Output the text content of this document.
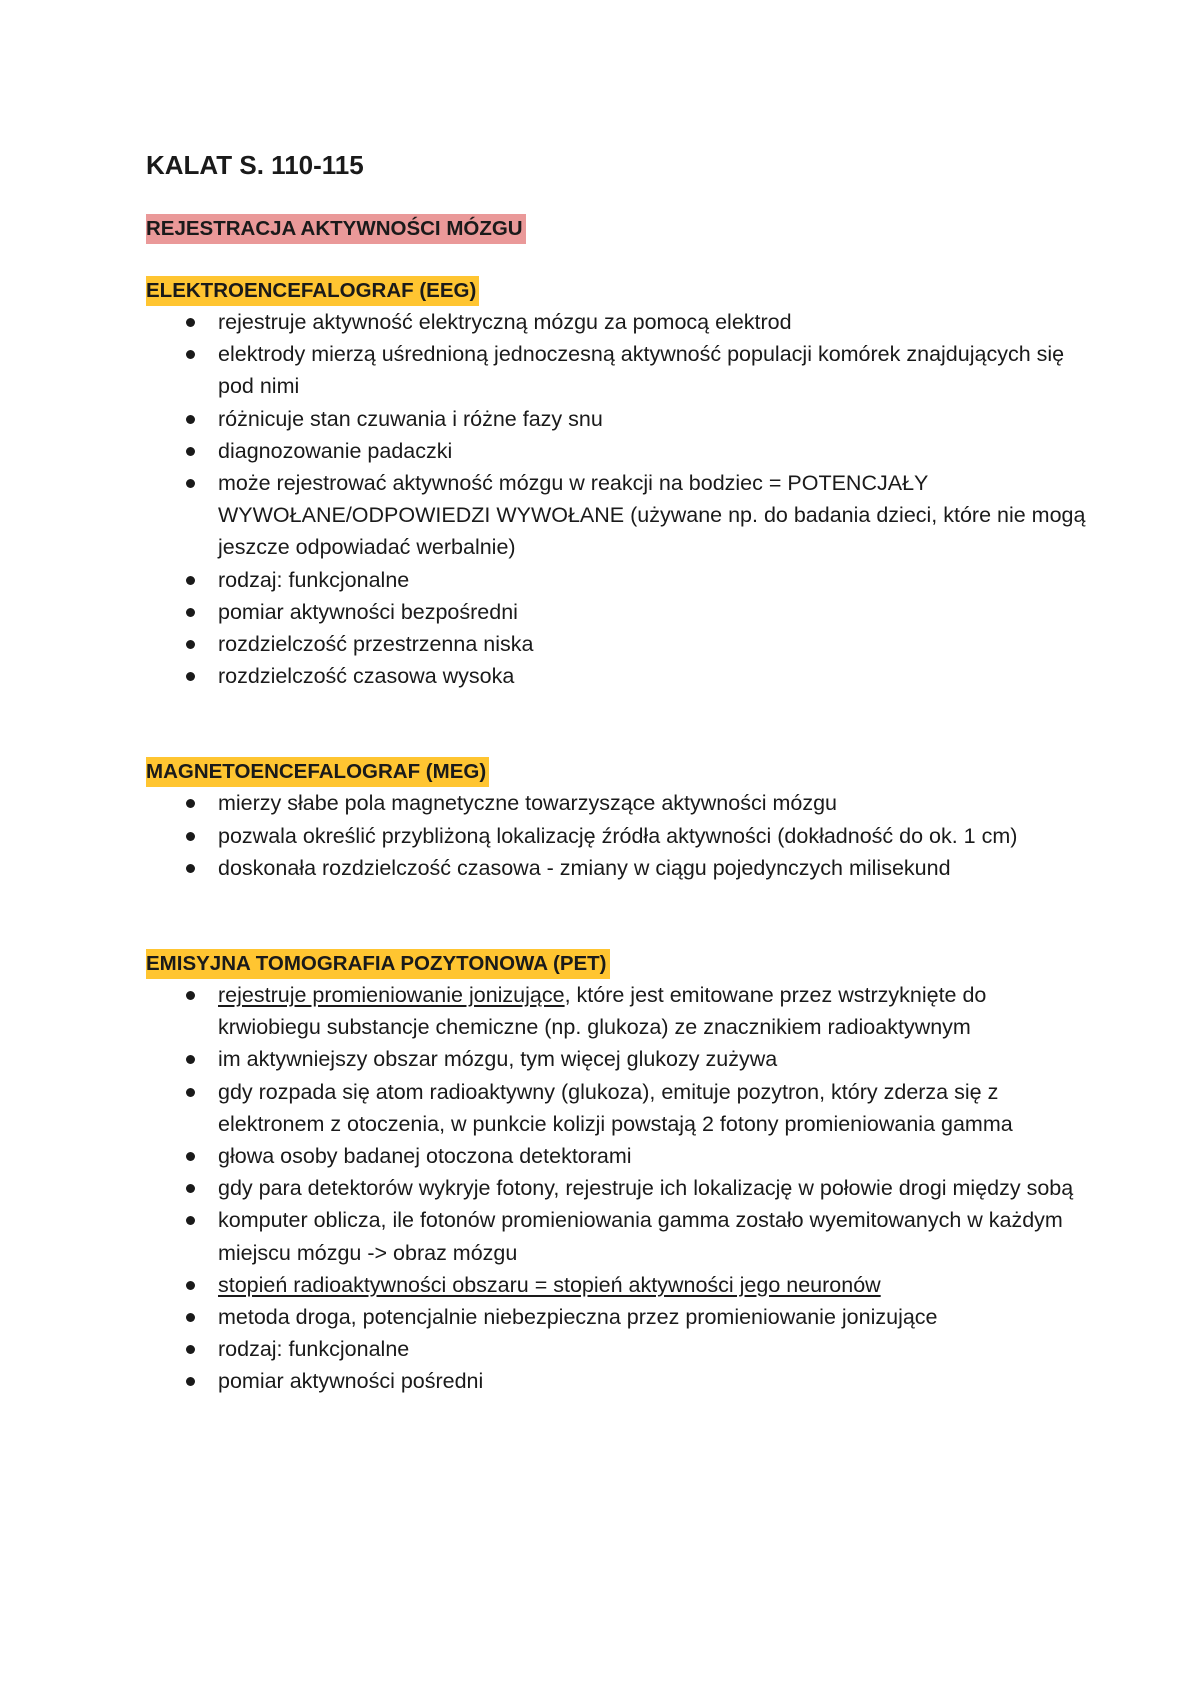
KALAT S. 110-115
REJESTRACJA AKTYWNOŚCI MÓZGU
ELEKTROENCEFALOGRAF (EEG)
rejestruje aktywność elektryczną mózgu za pomocą elektrod
elektrody mierzą uśrednioną jednoczesną aktywność populacji komórek znajdujących się pod nimi
różnicuje stan czuwania i różne fazy snu
diagnozowanie padaczki
może rejestrować aktywność mózgu w reakcji na bodziec = POTENCJAŁY WYWOŁANE/ODPOWIEDZI WYWOŁANE (używane np. do badania dzieci, które nie mogą jeszcze odpowiadać werbalnie)
rodzaj: funkcjonalne
pomiar aktywności bezpośredni
rozdzielczość przestrzenna niska
rozdzielczość czasowa wysoka
MAGNETOENCEFALOGRAF (MEG)
mierzy słabe pola magnetyczne towarzyszące aktywności mózgu
pozwala określić przybliżoną lokalizację źródła aktywności (dokładność do ok. 1 cm)
doskonała rozdzielczość czasowa - zmiany w ciągu pojedynczych milisekund
EMISYJNA TOMOGRAFIA POZYTONOWA (PET)
rejestruje promieniowanie jonizujące, które jest emitowane przez wstrzyknięte do krwiobiegu substancje chemiczne (np. glukoza) ze znacznikiem radioaktywnym
im aktywniejszy obszar mózgu, tym więcej glukozy zużywa
gdy rozpada się atom radioaktywny (glukoza), emituje pozytron, który zderza się z elektronem z otoczenia, w punkcie kolizji powstają 2 fotony promieniowania gamma
głowa osoby badanej otoczona detektorami
gdy para detektorów wykryje fotony, rejestruje ich lokalizację w połowie drogi między sobą
komputer oblicza, ile fotonów promieniowania gamma zostało wyemitowanych w każdym miejscu mózgu -> obraz mózgu
stopień radioaktywności obszaru = stopień aktywności jego neuronów
metoda droga, potencjalnie niebezpieczna przez promieniowanie jonizujące
rodzaj: funkcjonalne
pomiar aktywności pośredni
